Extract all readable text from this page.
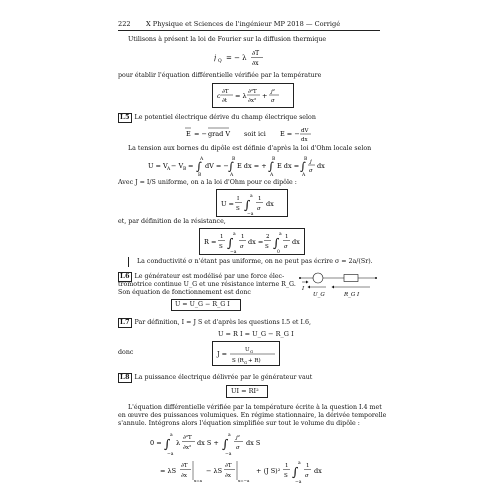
222 X Physique et Sciences de l'ingénieur MP 2018 — Corrigé
Utilisons à présent la loi de Fourier sur la diffusion thermique
j Q = − λ
∂T
∂x
pour établir l'équation différentielle vérifiée par la température
c ∂T
∂t
= λ ∂²T
∂x²
+ j²
σ
I.5 Le potentiel électrique dérive du champ électrique selon
E = − grad V soit ici E = − dV
dx
La tension aux bornes du dipôle est définie d'après la loi d'Ohm locale selon
U = V A − V B = ∫
A
B
dV = − ∫
B
A
E dx = + ∫
B
A
E dx = ∫
B
A
j
σ
dx
Avec J = I/S uniforme, on a la loi d'Ohm pour ce dipôle :
U =
I
S ∫
a
−a
1
σ
dx
et, par définition de la résistance,
R =
1
S ∫
a
−a
1
σ
dx =
2
S ∫
a
0
1
σ
dx
La conductivité σ n'étant pas uniforme, on ne peut pas écrire σ = 2a/(Sr).
I.6 Le générateur est modélisé par une force élec-
tromotrice continue U_G et une résistance interne R_G.
Son équation de fonctionnement est donc
U = U_G − R_G I
I
U_G	R_G I
I.7 Par définition, I = J S et d'après les questions I.5 et I.6,
U = R I = U_G − R_G I
donc	J =	U G
S (R G + R)
I.8 La puissance électrique délivrée par le générateur vaut
UI = RI²
L'équation différentielle vérifiée par la température écrite à la question I.4 met
en œuvre des puissances volumiques. En régime stationnaire, la dérivée temporelle
s'annule. Intégrons alors l'équation simplifiée sur tout le volume du dipôle :
0 = ∫
a
−a
λ
∂²T
∂x²
dx S + ∫
a
−a
j²
σ
dx S
= λS
∂T
∂x
x=a
− λS
∂T
∂x
x=−a
+ (J S)²
1
S ∫
a
−a
1
σ
dx
